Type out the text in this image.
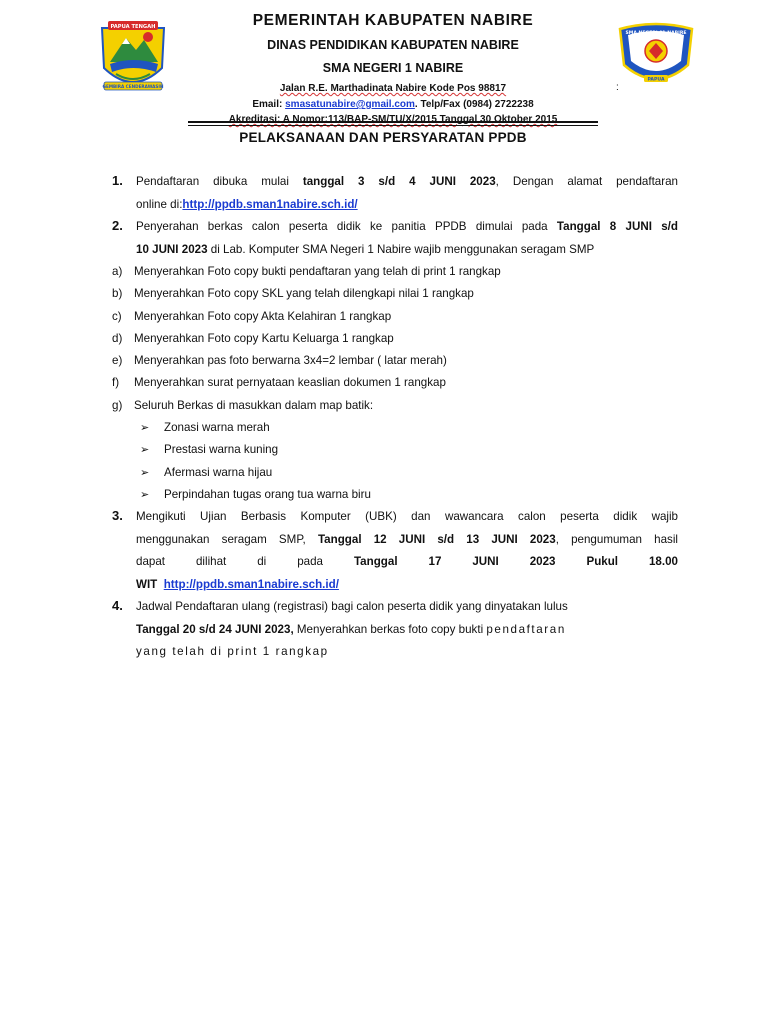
PAPUA TENGAH
GEMBIRA CENDERAWASIH
SMA NEGERI 01 NABIRE
PAPUA
PEMERINTAH KABUPATEN NABIRE
DINAS PENDIDIKAN KABUPATEN NABIRE
SMA NEGERI 1 NABIRE
Jalan R.E. Marthadinata Nabire Kode Pos 98817
Email: smasatunabire@gmail.com. Telp/Fax (0984) 2722238
Akreditasi: A Nomor:113/BAP-SM/TU/X/2015 Tanggal 30 Oktober 2015
:
PELAKSANAAN DAN PERSYARATAN PPDB
1. Pendaftaran dibuka mulai tanggal 3 s/d 4 JUNI 2023, Dengan alamat pendaftaran
online di:http://ppdb.sman1nabire.sch.id/
2. Penyerahan berkas calon peserta didik ke panitia PPDB dimulai pada Tanggal 8 JUNI s/d
10 JUNI 2023 di Lab. Komputer SMA Negeri 1 Nabire wajib menggunakan seragam SMP
a) Menyerahkan Foto copy bukti pendaftaran yang telah di print 1 rangkap
b) Menyerahkan Foto copy SKL yang telah dilengkapi nilai 1 rangkap
c) Menyerahkan Foto copy Akta Kelahiran 1 rangkap
d) Menyerahkan Foto copy Kartu Keluarga 1 rangkap
e) Menyerahkan pas foto berwarna 3x4=2 lembar ( latar merah)
f) Menyerahkan surat pernyataan keaslian dokumen 1 rangkap
g) Seluruh Berkas di masukkan dalam map batik:
➢ Zonasi warna merah
➢ Prestasi warna kuning
➢ Afermasi warna hijau
➢ Perpindahan tugas orang tua warna biru
3. Mengikuti Ujian Berbasis Komputer (UBK) dan wawancara calon peserta didik wajib
menggunakan seragam SMP, Tanggal 12 JUNI s/d 13 JUNI 2023, pengumuman hasil
dapat dilihat di pada Tanggal 17 JUNI 2023 Pukul 18.00
WIT http://ppdb.sman1nabire.sch.id/
4. Jadwal Pendaftaran ulang (registrasi) bagi calon peserta didik yang dinyatakan lulus
Tanggal 20 s/d 24 JUNI 2023, Menyerahkan berkas foto copy bukti pendaftaran
yang telah di print 1 rangkap
